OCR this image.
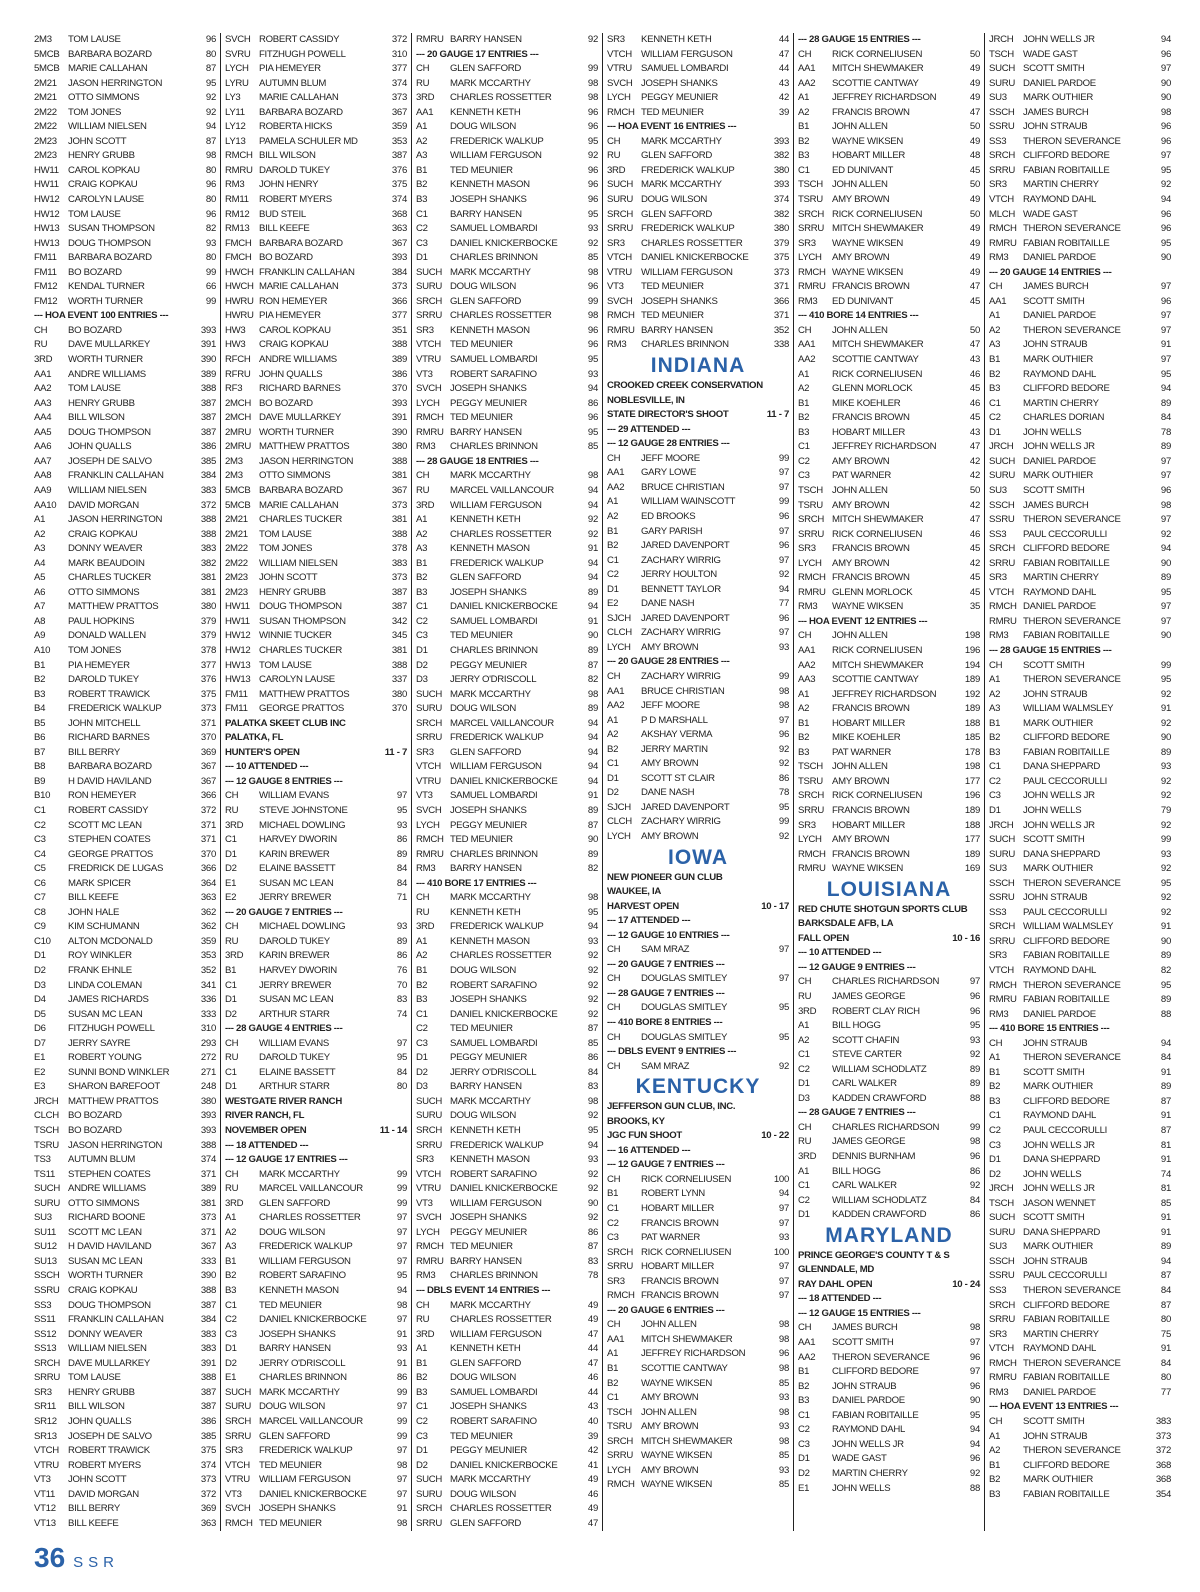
2M3	TOM LAUSE	96
5MCB BARBARA BOZARD	80
5MCB MARIE CALLAHAN	87
2M21	JASON HERRINGTON	95
2M21	OTTO SIMMONS	92
2M22	TOM JONES	92
2M22	WILLIAM NIELSEN	94
2M23	JOHN SCOTT	87
2M23	HENRY GRUBB	98
HW11 CAROL KOPKAU	80
HW11 CRAIG KOPKAU	96
HW12 CAROLYN LAUSE	80
HW12 TOM LAUSE	96
HW13 SUSAN THOMPSON	82
HW13 DOUG THOMPSON	93
FM11	BARBARA BOZARD	80
FM11	BO BOZARD	99
FM12	KENDAL TURNER	66
FM12	WORTH TURNER	99
--- HOA EVENT 100 ENTRIES ---
CH	BO BOZARD	393
RU	DAVE MULLARKEY	391
3RD	WORTH TURNER	390
AA1	ANDRE WILLIAMS	389
AA2	TOM LAUSE	388
AA3	HENRY GRUBB	387
AA4	BILL WILSON	387
AA5	DOUG THOMPSON	387
AA6	JOHN QUALLS	386
AA7	JOSEPH DE SALVO	385
AA8	FRANKLIN CALLAHAN	384
AA9	WILLIAM NIELSEN	383
AA10	DAVID MORGAN	372
A1	JASON HERRINGTON	388
A2	CRAIG KOPKAU	388
A3	DONNY WEAVER	383
A4	MARK BEAUDOIN	382
A5	CHARLES TUCKER	381
A6	OTTO SIMMONS	381
A7	MATTHEW PRATTOS	380
A8	PAUL HOPKINS	379
A9	DONALD WALLEN	379
A10	TOM JONES	378
B1	PIA HEMEYER	377
B2	DAROLD TUKEY	376
B3	ROBERT TRAWICK	375
B4	FREDERICK WALKUP	373
B5	JOHN MITCHELL	371
B6	RICHARD BARNES	370
B7	BILL BERRY	369
B8	BARBARA BOZARD	367
B9	H DAVID HAVILAND	367
B10	RON HEMEYER	366
C1	ROBERT CASSIDY	372
C2	SCOTT MC LEAN	371
C3	STEPHEN COATES	371
C4	GEORGE PRATTOS	370
C5	FREDRICK DE LUGAS	366
C6	MARK SPICER	364
C7	BILL KEEFE	363
C8	JOHN HALE	362
C9	KIM SCHUMANN	362
C10	ALTON MCDONALD	359
D1	ROY WINKLER	353
D2	FRANK EHNLE	352
D3	LINDA COLEMAN	341
D4	JAMES RICHARDS	336
D5	SUSAN MC LEAN	333
D6	FITZHUGH POWELL	310
D7	JERRY SAYRE	293
E1	ROBERT YOUNG	272
E2	SUNNI BOND WINKLER	271
E3	SHARON BAREFOOT	248
JRCH	MATTHEW PRATTOS	380
CLCH BO BOZARD	393
TSCH BO BOZARD	393
TSRU JASON HERRINGTON	388
TS3	AUTUMN BLUM	374
TS11	STEPHEN COATES	371
SUCH ANDRE WILLIAMS	389
SURU OTTO SIMMONS	381
SU3	RICHARD BOONE	373
SU11	SCOTT MC LEAN	371
SU12	H DAVID HAVILAND	367
SU13	SUSAN MC LEAN	333
SSCH WORTH TURNER	390
SSRU CRAIG KOPKAU	388
SS3	DOUG THOMPSON	387
SS11	FRANKLIN CALLAHAN	384
SS12	DONNY WEAVER	383
SS13	WILLIAM NIELSEN	383
SRCH DAVE MULLARKEY	391
SRRU TOM LAUSE	388
SR3	HENRY GRUBB	387
SR11	BILL WILSON	387
SR12	JOHN QUALLS	386
SR13	JOSEPH DE SALVO	385
VTCH ROBERT TRAWICK	375
VTRU ROBERT MYERS	374
VT3	JOHN SCOTT	373
VT11	DAVID MORGAN	372
VT12	BILL BERRY	369
VT13	BILL KEEFE	363
SVCH ROBERT CASSIDY	372
SVRU FITZHUGH POWELL	310
LYCH	PIA HEMEYER	377
LYRU	AUTUMN BLUM	374
LY3	MARIE CALLAHAN	373
LY11	BARBARA BOZARD	367
LY12	ROBERTA HICKS	359
LY13	PAMELA SCHULER MD	353
RMCH BILL WILSON	387
RMRU DAROLD TUKEY	376
RM3	JOHN HENRY	375
RM11	ROBERT MYERS	374
RM12 BUD STEIL	368
RM13 BILL KEEFE	363
FMCH BARBARA BOZARD	367
FMCH BO BOZARD	393
HWCH FRANKLIN CALLAHAN	384
HWCH MARIE CALLAHAN	373
HWRU RON HEMEYER	366
HWRU PIA HEMEYER	377
HW3	CAROL KOPKAU	351
HW3	CRAIG KOPKAU	388
RFCH ANDRE WILLIAMS	389
RFRU JOHN QUALLS	386
RF3	RICHARD BARNES	370
2MCH BO BOZARD	393
2MCH DAVE MULLARKEY	391
2MRU WORTH TURNER	390
2MRU MATTHEW PRATTOS	380
2M3	JASON HERRINGTON	388
2M3	OTTO SIMMONS	381
5MCB BARBARA BOZARD	367
5MCB MARIE CALLAHAN	373
2M21	CHARLES TUCKER	381
2M21	TOM LAUSE	388
2M22	TOM JONES	378
2M22	WILLIAM NIELSEN	383
2M23	JOHN SCOTT	373
2M23	HENRY GRUBB	387
HW11 DOUG THOMPSON	387
HW11 SUSAN THOMPSON	342
HW12 WINNIE TUCKER	345
HW12 CHARLES TUCKER	381
HW13 TOM LAUSE	388
HW13 CAROLYN LAUSE	337
FM11	MATTHEW PRATTOS	380
FM11	GEORGE PRATTOS	370
PALATKA SKEET CLUB INC
PALATKA, FL
HUNTER'S OPEN	11 - 7
--- 10 ATTENDED ---
--- 12 GAUGE 8 ENTRIES ---
CH	WILLIAM EVANS	97
RU	STEVE JOHNSTONE	95
3RD	MICHAEL DOWLING	93
C1	HARVEY DWORIN	86
D1	KARIN BREWER	89
D2	ELAINE BASSETT	84
E1	SUSAN MC LEAN	84
E2	JERRY BREWER	71
--- 20 GAUGE 7 ENTRIES ---
CH	MICHAEL DOWLING	93
RU	DAROLD TUKEY	89
3RD	KARIN BREWER	86
B1	HARVEY DWORIN	76
C1	JERRY BREWER	70
D1	SUSAN MC LEAN	83
D2	ARTHUR STARR	74
--- 28 GAUGE 4 ENTRIES ---
CH	WILLIAM EVANS	97
RU	DAROLD TUKEY	95
C1	ELAINE BASSETT	84
D1	ARTHUR STARR	80
WESTGATE RIVER RANCH
RIVER RANCH, FL
NOVEMBER OPEN	11 - 14
--- 18 ATTENDED ---
--- 12 GAUGE 17 ENTRIES ---
CH	MARK MCCARTHY	99
RU	MARCEL VAILLANCOUR	99
3RD	GLEN SAFFORD	99
A1	CHARLES ROSSETTER	97
A2	DOUG WILSON	97
A3	FREDERICK WALKUP	97
B1	WILLIAM FERGUSON	97
B2	ROBERT SARAFINO	95
B3	KENNETH MASON	94
C1	TED MEUNIER	98
C2	DANIEL KNICKERBOCKE	97
C3	JOSEPH SHANKS	91
D1	BARRY HANSEN	93
D2	JERRY O'DRISCOLL	91
E1	CHARLES BRINNON	86
SUCH MARK MCCARTHY	99
SURU DOUG WILSON	97
SRCH MARCEL VAILLANCOUR	99
SRRU GLEN SAFFORD	99
SR3	FREDERICK WALKUP	97
VTCH TED MEUNIER	98
VTRU WILLIAM FERGUSON	97
VT3	DANIEL KNICKERBOCKE	97
SVCH JOSEPH SHANKS	91
RMCH TED MEUNIER	98
RMRU BARRY HANSEN	92
--- 20 GAUGE 17 ENTRIES ---
CH	GLEN SAFFORD	99
RU	MARK MCCARTHY	98
3RD	CHARLES ROSSETTER	98
AA1	KENNETH KETH	96
A1	DOUG WILSON	96
A2	FREDERICK WALKUP	95
A3	WILLIAM FERGUSON	92
B1	TED MEUNIER	96
B2	KENNETH MASON	96
B3	JOSEPH SHANKS	96
C1	BARRY HANSEN	95
C2	SAMUEL LOMBARDI	93
C3	DANIEL KNICKERBOCKE	92
D1	CHARLES BRINNON	85
SUCH MARK MCCARTHY	98
SURU DOUG WILSON	96
SRCH GLEN SAFFORD	99
SRRU CHARLES ROSSETTER	98
SR3	KENNETH MASON	96
VTCH TED MEUNIER	96
VTRU SAMUEL LOMBARDI	95
VT3	ROBERT SARAFINO	93
SVCH JOSEPH SHANKS	94
LYCH	PEGGY MEUNIER	86
RMCH TED MEUNIER	96
RMRU BARRY HANSEN	95
RM3	CHARLES BRINNON	85
--- 28 GAUGE 18 ENTRIES ---
CH	MARK MCCARTHY	98
RU	MARCEL VAILLANCOUR	94
3RD	WILLIAM FERGUSON	94
A1	KENNETH KETH	92
A2	CHARLES ROSSETTER	92
A3	KENNETH MASON	91
B1	FREDERICK WALKUP	94
B2	GLEN SAFFORD	94
B3	JOSEPH SHANKS	89
C1	DANIEL KNICKERBOCKE	94
C2	SAMUEL LOMBARDI	91
C3	TED MEUNIER	90
D1	CHARLES BRINNON	89
D2	PEGGY MEUNIER	87
D3	JERRY O'DRISCOLL	82
SUCH MARK MCCARTHY	98
SURU DOUG WILSON	89
SRCH MARCEL VAILLANCOUR	94
SRRU FREDERICK WALKUP	94
SR3	GLEN SAFFORD	94
VTCH WILLIAM FERGUSON	94
VTRU DANIEL KNICKERBOCKE	94
VT3	SAMUEL LOMBARDI	91
SVCH JOSEPH SHANKS	89
LYCH	PEGGY MEUNIER	87
RMCH TED MEUNIER	90
RMRU CHARLES BRINNON	89
RM3	BARRY HANSEN	82
--- 410 BORE 17 ENTRIES ---
CH	MARK MCCARTHY	98
RU	KENNETH KETH	95
3RD	FREDERICK WALKUP	94
A1	KENNETH MASON	93
A2	CHARLES ROSSETTER	92
B1	DOUG WILSON	92
B2	ROBERT SARAFINO	92
B3	JOSEPH SHANKS	92
C1	DANIEL KNICKERBOCKE	92
C2	TED MEUNIER	87
C3	SAMUEL LOMBARDI	85
D1	PEGGY MEUNIER	86
D2	JERRY O'DRISCOLL	84
D3	BARRY HANSEN	83
SUCH MARK MCCARTHY	98
SURU DOUG WILSON	92
SRCH KENNETH KETH	95
SRRU FREDERICK WALKUP	94
SR3	KENNETH MASON	93
VTCH ROBERT SARAFINO	92
VTRU DANIEL KNICKERBOCKE	92
VT3	WILLIAM FERGUSON	90
SVCH JOSEPH SHANKS	92
LYCH	PEGGY MEUNIER	86
RMCH TED MEUNIER	87
RMRU BARRY HANSEN	83
RM3	CHARLES BRINNON	78
--- DBLS EVENT 14 ENTRIES ---
CH	MARK MCCARTHY	49
RU	CHARLES ROSSETTER	49
3RD	WILLIAM FERGUSON	47
A1	KENNETH KETH	44
B1	GLEN SAFFORD	47
B2	DOUG WILSON	46
B3	SAMUEL LOMBARDI	44
C1	JOSEPH SHANKS	43
C2	ROBERT SARAFINO	40
C3	TED MEUNIER	39
D1	PEGGY MEUNIER	42
D2	DANIEL KNICKERBOCKE	41
SUCH MARK MCCARTHY	49
SURU DOUG WILSON	46
SRCH CHARLES ROSSETTER	49
SRRU GLEN SAFFORD	47
SR3	KENNETH KETH	44
VTCH WILLIAM FERGUSON	47
VTRU SAMUEL LOMBARDI	44
SVCH JOSEPH SHANKS	43
LYCH	PEGGY MEUNIER	42
RMCH TED MEUNIER	39
--- HOA EVENT 16 ENTRIES ---
CH	MARK MCCARTHY	393
RU	GLEN SAFFORD	382
3RD	FREDERICK WALKUP	380
SUCH MARK MCCARTHY	393
SURU DOUG WILSON	374
SRCH GLEN SAFFORD	382
SRRU FREDERICK WALKUP	380
SR3	CHARLES ROSSETTER	379
VTCH DANIEL KNICKERBOCKE	375
VTRU WILLIAM FERGUSON	373
VT3	TED MEUNIER	371
SVCH JOSEPH SHANKS	366
RMCH TED MEUNIER	371
RMRU BARRY HANSEN	352
RM3	CHARLES BRINNON	338
INDIANA
CROOKED CREEK CONSERVATION
NOBLESVILLE, IN
STATE DIRECTOR'S SHOOT	11 - 7
--- 29 ATTENDED ---
--- 12 GAUGE 28 ENTRIES ---
CH	JEFF MOORE	99
AA1	GARY LOWE	97
AA2	BRUCE CHRISTIAN	97
A1	WILLIAM WAINSCOTT	99
A2	ED BROOKS	96
B1	GARY PARISH	97
B2	JARED DAVENPORT	96
C1	ZACHARY WIRRIG	97
C2	JERRY HOULTON	92
D1	BENNETT TAYLOR	94
E2	DANE NASH	77
SJCH	JARED DAVENPORT	96
CLCH ZACHARY WIRRIG	97
LYCH	AMY BROWN	93
--- 20 GAUGE 28 ENTRIES ---
CH	ZACHARY WIRRIG	99
AA1	BRUCE CHRISTIAN	98
AA2	JEFF MOORE	98
A1	P D MARSHALL	97
A2	AKSHAY VERMA	96
B2	JERRY MARTIN	92
C1	AMY BROWN	92
D1	SCOTT ST CLAIR	86
D2	DANE NASH	78
SJCH	JARED DAVENPORT	95
CLCH ZACHARY WIRRIG	99
LYCH	AMY BROWN	92
IOWA
NEW PIONEER GUN CLUB
WAUKEE, IA
HARVEST OPEN	10 - 17
--- 17 ATTENDED ---
--- 12 GAUGE 10 ENTRIES ---
CH	SAM MRAZ	97
--- 20 GAUGE 7 ENTRIES ---
CH	DOUGLAS SMITLEY	97
--- 28 GAUGE 7 ENTRIES ---
CH	DOUGLAS SMITLEY	95
--- 410 BORE 8 ENTRIES ---
CH	DOUGLAS SMITLEY	95
--- DBLS EVENT 9 ENTRIES ---
CH	SAM MRAZ	92
KENTUCKY
JEFFERSON GUN CLUB, INC.
BROOKS, KY
JGC FUN SHOOT	10 - 22
--- 16 ATTENDED ---
--- 12 GAUGE 7 ENTRIES ---
CH	RICK CORNELIUSEN	100
B1	ROBERT LYNN	94
C1	HOBART MILLER	97
C2	FRANCIS BROWN	97
C3	PAT WARNER	93
SRCH RICK CORNELIUSEN	100
SRRU HOBART MILLER	97
SR3	FRANCIS BROWN	97
RMCH FRANCIS BROWN	97
--- 20 GAUGE 6 ENTRIES ---
CH	JOHN ALLEN	98
AA1	MITCH SHEWMAKER	98
A1	JEFFREY RICHARDSON	96
B1	SCOTTIE CANTWAY	98
B2	WAYNE WIKSEN	85
C1	AMY BROWN	93
TSCH JOHN ALLEN	98
TSRU AMY BROWN	93
SRCH MITCH SHEWMAKER	98
SRRU WAYNE WIKSEN	85
LYCH	AMY BROWN	93
RMCH WAYNE WIKSEN	85
--- 28 GAUGE 15 ENTRIES ---
CH	RICK CORNELIUSEN	50
AA1	MITCH SHEWMAKER	49
AA2	SCOTTIE CANTWAY	49
A1	JEFFREY RICHARDSON	49
A2	FRANCIS BROWN	47
B1	JOHN ALLEN	50
B2	WAYNE WIKSEN	49
B3	HOBART MILLER	48
C1	ED DUNIVANT	45
TSCH JOHN ALLEN	50
TSRU AMY BROWN	49
SRCH RICK CORNELIUSEN	50
SRRU MITCH SHEWMAKER	49
SR3	WAYNE WIKSEN	49
LYCH	AMY BROWN	49
RMCH WAYNE WIKSEN	49
RMRU FRANCIS BROWN	47
RM3	ED DUNIVANT	45
--- 410 BORE 14 ENTRIES ---
CH	JOHN ALLEN	50
AA1	MITCH SHEWMAKER	47
AA2	SCOTTIE CANTWAY	43
A1	RICK CORNELIUSEN	46
A2	GLENN MORLOCK	45
B1	MIKE KOEHLER	46
B2	FRANCIS BROWN	45
B3	HOBART MILLER	43
C1	JEFFREY RICHARDSON	47
C2	AMY BROWN	42
C3	PAT WARNER	42
TSCH JOHN ALLEN	50
TSRU AMY BROWN	42
SRCH MITCH SHEWMAKER	47
SRRU RICK CORNELIUSEN	46
SR3	FRANCIS BROWN	45
LYCH	AMY BROWN	42
RMCH FRANCIS BROWN	45
RMRU GLENN MORLOCK	45
RM3	WAYNE WIKSEN	35
--- HOA EVENT 12 ENTRIES ---
CH	JOHN ALLEN	198
AA1	RICK CORNELIUSEN	196
AA2	MITCH SHEWMAKER	194
AA3	SCOTTIE CANTWAY	189
A1	JEFFREY RICHARDSON	192
A2	FRANCIS BROWN	189
B1	HOBART MILLER	188
B2	MIKE KOEHLER	185
B3	PAT WARNER	178
TSCH JOHN ALLEN	198
TSRU AMY BROWN	177
SRCH RICK CORNELIUSEN	196
SRRU FRANCIS BROWN	189
SR3	HOBART MILLER	188
LYCH	AMY BROWN	177
RMCH FRANCIS BROWN	189
RMRU WAYNE WIKSEN	169
LOUISIANA
RED CHUTE SHOTGUN SPORTS CLUB
BARKSDALE AFB, LA
FALL OPEN	10 - 16
--- 10 ATTENDED ---
--- 12 GAUGE 9 ENTRIES ---
CH	CHARLES RICHARDSON	97
RU	JAMES GEORGE	96
3RD	ROBERT CLAY RICH	96
A1	BILL HOGG	95
A2	SCOTT CHAFIN	93
C1	STEVE CARTER	92
C2	WILLIAM SCHODLATZ	89
D1	CARL WALKER	89
D3	KADDEN CRAWFORD	88
--- 28 GAUGE 7 ENTRIES ---
CH	CHARLES RICHARDSON	99
RU	JAMES GEORGE	98
3RD	DENNIS BURNHAM	96
A1	BILL HOGG	86
C1	CARL WALKER	92
C2	WILLIAM SCHODLATZ	84
D1	KADDEN CRAWFORD	86
MARYLAND
PRINCE GEORGE'S COUNTY T & S
GLENNDALE, MD
RAY DAHL OPEN	10 - 24
--- 18 ATTENDED ---
--- 12 GAUGE 15 ENTRIES ---
CH	JAMES BURCH	98
AA1	SCOTT SMITH	97
AA2	THERON SEVERANCE	96
B1	CLIFFORD BEDORE	97
B2	JOHN STRAUB	96
B3	DANIEL PARDOE	90
C1	FABIAN ROBITAILLE	95
C2	RAYMOND DAHL	94
C3	JOHN WELLS JR	94
D1	WADE GAST	96
D2	MARTIN CHERRY	92
E1	JOHN WELLS	88
JRCH	JOHN WELLS JR	94
TSCH WADE GAST	96
SUCH SCOTT SMITH	97
SURU DANIEL PARDOE	90
SU3	MARK OUTHIER	90
SSCH JAMES BURCH	98
SSRU JOHN STRAUB	96
SS3	THERON SEVERANCE	96
SRCH CLIFFORD BEDORE	97
SRRU FABIAN ROBITAILLE	95
SR3	MARTIN CHERRY	92
VTCH RAYMOND DAHL	94
MLCH WADE GAST	96
RMCH THERON SEVERANCE	96
RMRU FABIAN ROBITAILLE	95
RM3	DANIEL PARDOE	90
--- 20 GAUGE 14 ENTRIES ---
CH	JAMES BURCH	97
AA1	SCOTT SMITH	96
A1	DANIEL PARDOE	97
A2	THERON SEVERANCE	97
A3	JOHN STRAUB	91
B1	MARK OUTHIER	97
B2	RAYMOND DAHL	95
B3	CLIFFORD BEDORE	94
C1	MARTIN CHERRY	89
C2	CHARLES DORIAN	84
D1	JOHN WELLS	78
JRCH	JOHN WELLS JR	89
SUCH DANIEL PARDOE	97
SURU MARK OUTHIER	97
SU3	SCOTT SMITH	96
SSCH JAMES BURCH	98
SSRU THERON SEVERANCE	97
SS3	PAUL CECCORULLI	92
SRCH CLIFFORD BEDORE	94
SRRU FABIAN ROBITAILLE	90
SR3	MARTIN CHERRY	89
VTCH RAYMOND DAHL	95
RMCH DANIEL PARDOE	97
RMRU THERON SEVERANCE	97
RM3	FABIAN ROBITAILLE	90
--- 28 GAUGE 15 ENTRIES ---
CH	SCOTT SMITH	99
A1	THERON SEVERANCE	95
A2	JOHN STRAUB	92
A3	WILLIAM WALMSLEY	91
B1	MARK OUTHIER	92
B2	CLIFFORD BEDORE	90
B3	FABIAN ROBITAILLE	89
C1	DANA SHEPPARD	93
C2	PAUL CECCORULLI	92
C3	JOHN WELLS JR	92
D1	JOHN WELLS	79
JRCH	JOHN WELLS JR	92
SUCH SCOTT SMITH	99
SURU DANA SHEPPARD	93
SU3	MARK OUTHIER	92
SSCH THERON SEVERANCE	95
SSRU JOHN STRAUB	92
SS3	PAUL CECCORULLI	92
SRCH WILLIAM WALMSLEY	91
SRRU CLIFFORD BEDORE	90
SR3	FABIAN ROBITAILLE	89
VTCH RAYMOND DAHL	82
RMCH THERON SEVERANCE	95
RMRU FABIAN ROBITAILLE	89
RM3	DANIEL PARDOE	88
--- 410 BORE 15 ENTRIES ---
CH	JOHN STRAUB	94
A1	THERON SEVERANCE	84
B1	SCOTT SMITH	91
B2	MARK OUTHIER	89
B3	CLIFFORD BEDORE	87
C1	RAYMOND DAHL	91
C2	PAUL CECCORULLI	87
C3	JOHN WELLS JR	81
D1	DANA SHEPPARD	91
D2	JOHN WELLS	74
JRCH	JOHN WELLS JR	81
TSCH JASON WENNET	85
SUCH SCOTT SMITH	91
SURU DANA SHEPPARD	91
SU3	MARK OUTHIER	89
SSCH JOHN STRAUB	94
SSRU PAUL CECCORULLI	87
SS3	THERON SEVERANCE	84
SRCH CLIFFORD BEDORE	87
SRRU FABIAN ROBITAILLE	80
SR3	MARTIN CHERRY	75
VTCH RAYMOND DAHL	91
RMCH THERON SEVERANCE	84
RMRU FABIAN ROBITAILLE	80
RM3	DANIEL PARDOE	77
--- HOA EVENT 13 ENTRIES ---
CH	SCOTT SMITH	383
A1	JOHN STRAUB	373
A2	THERON SEVERANCE	372
B1	CLIFFORD BEDORE	368
B2	MARK OUTHIER	368
B3	FABIAN ROBITAILLE	354
36 SSR
